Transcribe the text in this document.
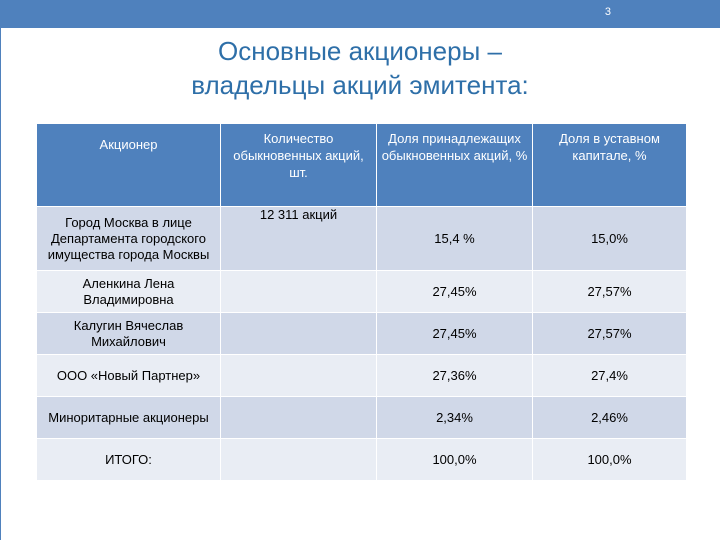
3
Основные акционеры –
владельцы акций эмитента:
Акционер	Количество обыкновенных акций, шт.	Доля принадлежащих обыкновенных акций, %	Доля в уставном капитале, %
Город Москва в лице Департамента городского имущества города Москвы	12 311 акций	15,4 %	15,0%
Аленкина Лена Владимировна		27,45%	27,57%
Калугин Вячеслав Михайлович		27,45%	27,57%
ООО «Новый Партнер»		27,36%	27,4%
Миноритарные акционеры		2,34%	2,46%
ИТОГО:		100,0%	100,0%
